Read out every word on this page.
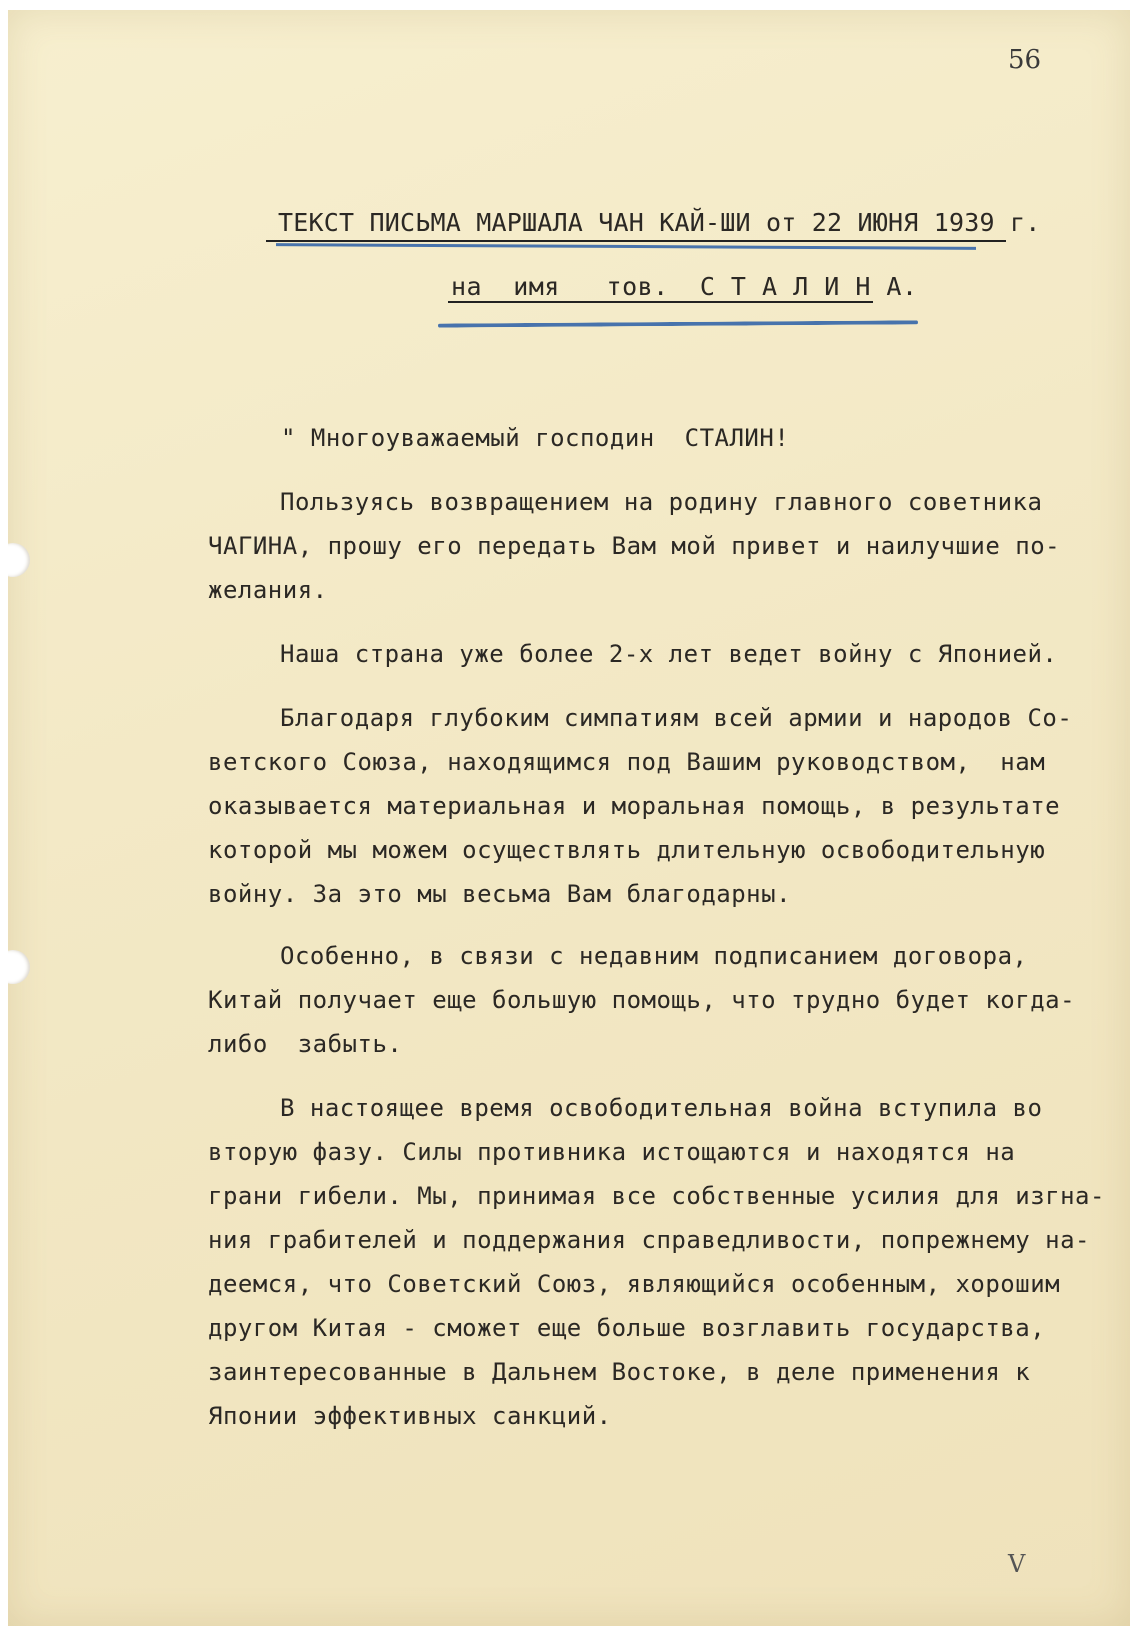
56
ТЕКСТ ПИСЬМА МАРШАЛА ЧАН КАЙ-ШИ от 22 ИЮНЯ 1939 г.
на  имя   тов.  С Т А Л И Н А.
" Многоуважаемый господин  СТАЛИН!
Пользуясь возвращением на родину главного советника
ЧАГИНА, прошу его передать Вам мой привет и наилучшие по-
желания.
Наша страна уже более 2-х лет ведет войну с Японией.
Благодаря глубоким симпатиям всей армии и народов Со-
ветского Союза, находящимся под Вашим руководством,  нам
оказывается материальная и моральная помощь, в результате
которой мы можем осуществлять длительную освободительную
войну. За это мы весьма Вам благодарны.
Особенно, в связи с недавним подписанием договора,
Китай получает еще большую помощь, что трудно будет когда-
либо  забыть.
В настоящее время освободительная война вступила во
вторую фазу. Силы противника истощаются и находятся на
грани гибели. Мы, принимая все собственные усилия для изгна-
ния грабителей и поддержания справедливости, попрежнему на-
деемся, что Советский Союз, являющийся особенным, хорошим
другом Китая - сможет еще больше возглавить государства,
заинтересованные в Дальнем Востоке, в деле применения к
Японии эффективных санкций.
V
